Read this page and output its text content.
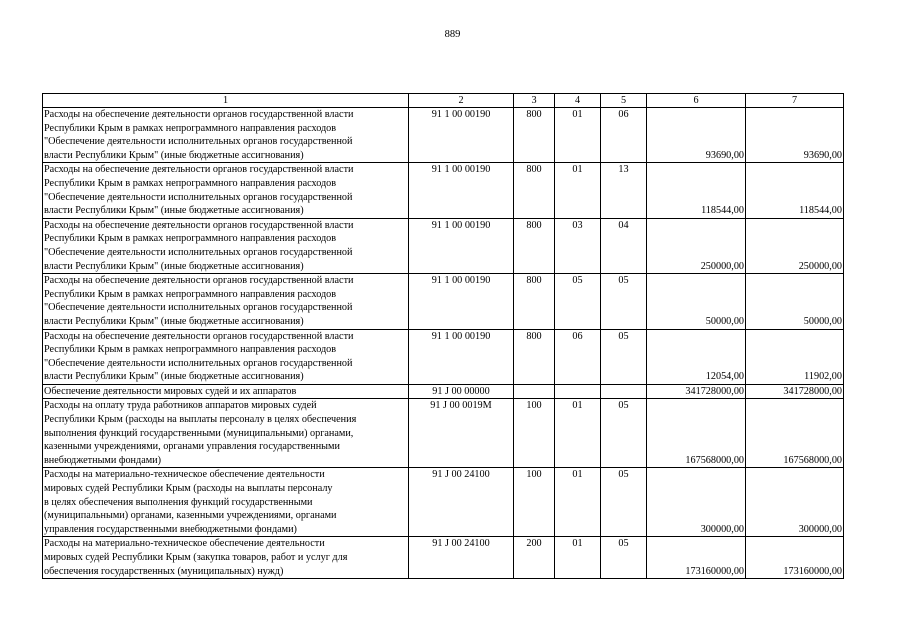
889
1	2	3	4	5	6	7

Расходы на обеспечение деятельности органов государственной власти
Республики Крым в рамках непрограммного направления расходов
"Обеспечение деятельности исполнительных органов государственной
власти Республики Крым" (иные бюджетные ассигнования)	91 1 00 00190	800	01	06	93690,00	93690,00

Расходы на обеспечение деятельности органов государственной власти
Республики Крым в рамках непрограммного направления расходов
"Обеспечение деятельности исполнительных органов государственной
власти Республики Крым" (иные бюджетные ассигнования)	91 1 00 00190	800	01	13	118544,00	118544,00

Расходы на обеспечение деятельности органов государственной власти
Республики Крым в рамках непрограммного направления расходов
"Обеспечение деятельности исполнительных органов государственной
власти Республики Крым" (иные бюджетные ассигнования)	91 1 00 00190	800	03	04	250000,00	250000,00

Расходы на обеспечение деятельности органов государственной власти
Республики Крым в рамках непрограммного направления расходов
"Обеспечение деятельности исполнительных органов государственной
власти Республики Крым" (иные бюджетные ассигнования)	91 1 00 00190	800	05	05	50000,00	50000,00

Расходы на обеспечение деятельности органов государственной власти
Республики Крым в рамках непрограммного направления расходов
"Обеспечение деятельности исполнительных органов государственной
власти Республики Крым" (иные бюджетные ассигнования)	91 1 00 00190	800	06	05	12054,00	11902,00

Обеспечение деятельности мировых судей и их аппаратов	91 J 00 00000				341728000,00	341728000,00

Расходы на оплату труда работников аппаратов мировых судей
Республики Крым (расходы на выплаты персоналу в целях обеспечения
выполнения функций государственными (муниципальными) органами,
казенными учреждениями, органами управления государственными
внебюджетными фондами)	91 J 00 0019M	100	01	05	167568000,00	167568000,00

Расходы на материально-техническое обеспечение деятельности
мировых судей Республики Крым (расходы на выплаты персоналу
в целях обеспечения выполнения функций государственными
(муниципальными) органами, казенными учреждениями, органами
управления государственными внебюджетными фондами)	91 J 00 24100	100	01	05	300000,00	300000,00

Расходы на материально-техническое обеспечение деятельности
мировых судей Республики Крым (закупка товаров, работ и услуг для
обеспечения государственных (муниципальных) нужд)	91 J 00 24100	200	01	05	173160000,00	173160000,00
